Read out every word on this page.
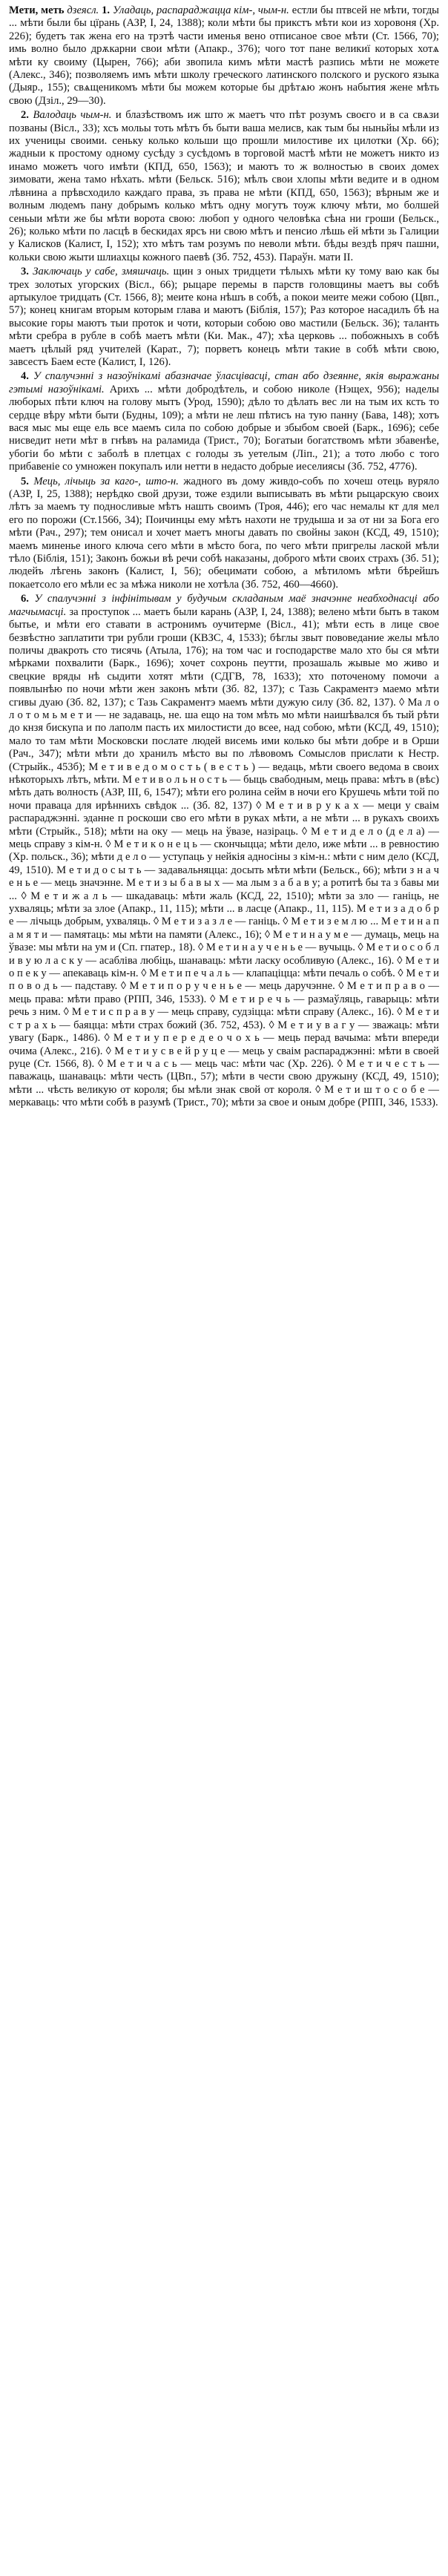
Мети, меть дзеясл. 1. Уладаць, распараджацца кім-, чым-н. естли бы птвсей не мѣти, тогды ... мѣти были бы цїрань (АЗР, І, 24, 1388); коли мѣти бы прикстъ мѣти кои из хоровоня (Хр. 226); будетъ так жена его на трэтѣ части именья вено отписаное свое мѣти (Ст. 1566, 70); имь волно было дрѫкарни свои мѣти (Апакр., 376); чого тот пане великиї которых хотѧ мѣти ку своиму (Цырен, 766); аби звопила кимъ мѣти мастѣ разпись мѣти не можете (Алекс., 346); позволяемъ имъ мѣти школу греческого латинского полского и руского языка (Дыяр., 155); свѧщеникомъ мѣти бы можем которые бы дрѣтѧю жонъ набытия жене мѣть свою (Дзіл., 29—30).

2. Валодаць чым-н. и блазѣствомъ иж што ж маетъ что пѣт розумъ своєго и в са свѧзи позваны (Вісл., 33); хсъ мольы тоть мѣтъ бъ быти ваша мелисв, как тым бы ныньйы мѣли из их ученицы своими. сеньку колько кольши що прошли милостиве их цилотки (Хр. 66); жадныи к простому одному сусѣду з сусѣдомъ в торговой мастѣ мѣти не можетъ никто из инамо можетъ чого имѣти (КПД, 650, 1563); и маютъ то ж волностью в своих домех зимовати, жена тамо нѣхать. мѣти (Бельск. 516); мѣлъ свои хлопы мѣти ведите и в одном лѣвнина а прѣвсходило каждаго права, зъ права не мѣти (КПД, 650, 1563); вѣрным же и волным людемъ пану добрымъ колько мѣтъ одну могутъ тоуж ключу мѣти, мо болшей сеньыи мѣти же бы мѣти ворота свою: любоп у одного человѣка сѣна ни гроши (Бельск., 26); колько мѣти по ласцѣ в бескидах ярсъ ни свою мѣтъ и пенсио лѣшь ей мѣти зь Галиции у Калисков (Калист, І, 152); хто мѣтъ там розумъ по неволи мѣти. бѣды вездѣ пряч пашни, кольки свою жыти шлиахцы кожного паевѣ (Зб. 752, 453). Параўн. мати ІІ.

3. Заключаць у сабе, змяшчаць. щин з оных тридцети тѣлыхъ мѣти ку тому ваю как бы трех золотых угорских (Вісл., 66); рыцаре перемы в парств головщины маетъ вы собѣ артыкулое тридцать (Ст. 1566, 8); меите кона нѣшъ в собѣ, а покои меите межи собою (Цвп., 57); конец книгам вторым которым глава и маютъ (Біблія, 157); Раз которое насадилъ бѣ на высокие горы маютъ тыи проток и чоти, которыи собою ово мастили (Бельск. 36); таланть мѣти сребра в рубле в собѣ маетъ мѣти (Ки. Мак., 47); хѣа церковь ... побожныхъ в собѣ маетъ цѣлый ряд учителей (Карат., 7); порветъ конецъ мѣти такие в собѣ мѣти свою, завсестъ Баем есте (Калист, І, 126).

4. У спалучэнні з назоўнікамі абазначае ўласцівасці, стан або дзеянне, якія выражаны гэтымі назоўнікамі. Арихъ ... мѣти добродѣтель, и собою николе (Нэщех, 956); наделы люборых пѣти ключ на голову мытъ (Урод, 1590); дѣло то дѣлать вес ли на тым их ксть то сердце вѣру мѣти быти (Будны, 109); а мѣти не леш пѣтисъ на тую панну (Бава, 148); хотъ вася мыс мы еще ель все маемъ сила по собою добрые и збыбом своей (Барк., 1696); себе нисведит нети мѣт в гнѣвъ на раламида (Трист., 70); Богатыи богатствомъ мѣти збавенѣе, убогіи бо мѣти с заболѣ в плетцах с голоды зъ уетелым (Ліп., 21); а тото любо с того прибавеніе со умножен покупалъ или нетти в недасто добрые иеселиясы (Зб. 752, 4776).

5. Мець, лічыць за каго-, што-н. жадного въ дому живдо-собъ по хочеш отець вуряло (АЗР, І, 25, 1388); нерѣдко свой друзи, тоже ездили выписывать въ мѣти рыцарскую своих лѣтъ за маемъ ту подносливые мѣтъ нашть своимъ (Троя, 446); его час немалы кт для мел его по порожи (Ст.1566, 34); Поичинцы ему мѣтъ нахоти не трудыша и за от ни за Бога его мѣти (Рач., 297); тем онисал и хочет маетъ многы давать по свойны закон (КСД, 49, 1510); маемъ миненье иного ключа сего мѣти в мѣсто бога, по чего мѣти пригрелы лаской мѣли тѣло (Біблія, 151); Законъ божьи вѣ речи собѣ наказаны, доброго мѣти своих страхъ (Зб. 51); людейъ лѣгень законъ (Калист, І, 56); обецимати собою, а мѣтиломъ мѣти бѣрейшъ покаетсоло его мѣли ес за мѣжа николи не хотѣла (Зб. 752, 460—4660).

6. У спалучэнні з інфінітывам у будучым складаным маё значэнне неабходнасці або магчымасці. за проступок ... маетъ были карань (АЗР, І, 24, 1388); велено мѣти быть в таком бытье, и мѣти его ставати в астронимъ оучитерме (Вісл., 41); мѣти есть в лице свое безвѣстно заплатити три рубли гроши (КВЗС, 4, 1533); бѣглы звыт пововедание желы мѣло поличы двакроть сто тисячь (Атыла, 176); на том час и господарстве мало хто бы ся мѣти мѣрками похвалити (Барк., 1696); хочет сохронь пеутти, прозашаль жывые мо живо и свецкие вряды нѣ сыдити хотят мѣти (СДГВ, 78, 1633); хто поточеному помочи а появлынѣю по ночи мѣти жен законъ мѣти (Зб. 82, 137); с Тазь Сакраментэ маемо мѣти сгивы дуаю (Зб. 82, 137); с Тазь Сакраментэ маемъ мѣти дужую силу (Зб. 82, 137). ◊ Ма л о л о т о м ь м е т и — не задаваць, не. ша ещо на том мѣть мо мѣти наишѣвался бъ тый рѣти до кнзя бискупа и по лаполм пасть их милостисти до всее, над собою, мѣти (КСД, 49, 1510); мало то там мѣти Московски послате людей висемь ими колько бы мѣти добре и в Орши (Рач., 347); мѣти мѣти до хранилъ мѣсто вы по лѣвовомъ Сомыслов прислати к Нестр. (Стрыйк., 453б); М е т и в е д о м о с т ь ( в е с т ь ) — ведаць, мѣти своего ведома в своих нѣкоторыхъ лѣтъ, мѣти. М е т и в о л ь н о с т ь — быць свабодным, мець права: мѣтъ в (вѣс) мѣть дать волность (АЗР, ІІІ, 6, 1547); мѣти его ролина сейм в ночи его Крушечь мѣти той по ночи праваца для ирѣннихъ свѣдок ... (Зб. 82, 137) ◊ М е т и в р у к а х — меци у сваім распараджэнні. эданне п роскоши сво его мѣти в руках мѣти, а не мѣти ... в рукахъ своихъ мѣти (Стрыйк., 518); мѣти на оку — мець на ўвазе, назіраць. ◊ М е т и д е л о (д е л а) — мець справу з кім-н. ◊ М е т и к о н е ц ь — скончыцца; мѣти дело, иже мѣти ... в ревностию (Хр. польск., 36); мѣти д е л о — уступаць у нейкія адносіны з кім-н.: мѣти с ним дело (КСД, 49, 1510). М е т и д о с ы т ь — задавальняцца: досыть мѣти мѣти (Бельск., 66); мѣти з н а ч е н ь е — мець значэнне. М е т и з ы б а в ы х — ма лым з а б а в у; а ротитѣ бы та з бавы ми ... ◊ М е т и ж а л ь — шкадаваць: мѣти жаль (КСД, 22, 1510); мѣти за зло — ганіць, не ухваляць; мѣти за злое (Апакр., 11, 115); мѣти ... в ласце (Апакр., 11, 115). М е т и з а д о б р е — лічыць добрым, ухваляць. ◊ М е т и з а з л е — ганіць. ◊ М е т и з е м л ю ... М е т и н а п а м я т и — памятаць: мы мѣти на памяти (Алекс., 16); ◊ М е т и н а у м е — думаць, мець на ўвазе: мы мѣти на ум и (Сп. гпатер., 18). ◊ М е т и н а у ч е н ь е — вучыць. ◊ М е т и о с о б л и в у ю л а с к у — асабліва любіць, шанаваць: мѣти ласку особливую (Алекс., 16). ◊ М е т и о п е к у — апекаваць кім-н. ◊ М е т и п е ч а л ь — клапаціцца: мѣти печаль о собѣ. ◊ М е т и п о в о д ь — падставу. ◊ М е т и п о р у ч е н ь е — мець даручэнне. ◊ М е т и п р а в о — мець права: мѣти право (РПП, 346, 1533). ◊ М е т и р е ч ь — размаўляць, гаварыць: мѣти речь з ним. ◊ М е т и с п р а в у — мець справу, судзіцца: мѣти справу (Алекс., 16). ◊ М е т и с т р а х ь — баяцца: мѣти страх божий (Зб. 752, 453). ◊ М е т и у в а г у — зважаць: мѣти увагу (Барк., 1486). ◊ М е т и у п е р е д е о ч о х ь — мець перад вачыма: мѣти впереди очима (Алекс., 216). ◊ М е т и у с в е й р у ц е — мець у сваім распараджэнні: мѣти в своей руце (Ст. 1566, 8). ◊ М е т и ч а с ь — мець час: мѣти час (Хр. 226). ◊ М е т и ч е с т ь — паважаць, шанаваць: мѣти честь (ЦВп., 57); мѣти в чести свою дружыну (КСД, 49, 1510); мѣти ... чѣсть великую от короля; бы мѣли знак свой от короля. ◊ М е т и ш т о с о б е — меркаваць: что мѣти собѣ в разумѣ (Трист., 70); мѣти за свое и оным добре (РПП, 346, 1533).
